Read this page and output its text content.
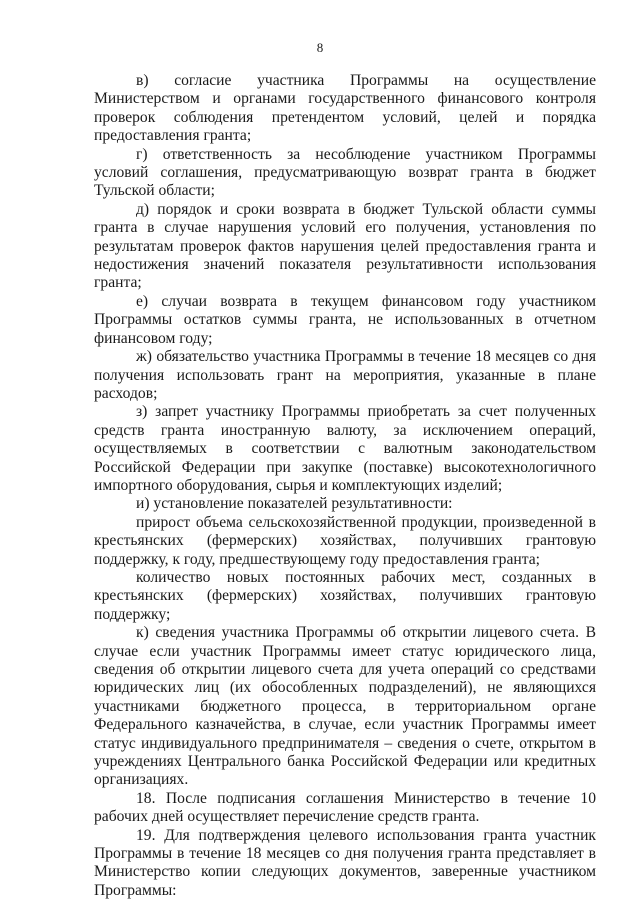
8

в) согласие участника Программы на осуществление Министерством и органами государственного финансового контроля проверок соблюдения претендентом условий, целей и порядка предоставления гранта;

г) ответственность за несоблюдение участником Программы условий соглашения, предусматривающую возврат гранта в бюджет Тульской области;

д) порядок и сроки возврата в бюджет Тульской области суммы гранта в случае нарушения условий его получения, установления по результатам проверок фактов нарушения целей предоставления гранта и недостижения значений показателя результативности использования гранта;

е) случаи возврата в текущем финансовом году участником Программы остатков суммы гранта, не использованных в отчетном финансовом году;

ж) обязательство участника Программы в течение 18 месяцев со дня получения использовать грант на мероприятия, указанные в плане расходов;

з) запрет участнику Программы приобретать за счет полученных средств гранта иностранную валюту, за исключением операций, осуществляемых в соответствии с валютным законодательством Российской Федерации при закупке (поставке) высокотехнологичного импортного оборудования, сырья и комплектующих изделий;

и) установление показателей результативности:

прирост объема сельскохозяйственной продукции, произведенной в крестьянских (фермерских) хозяйствах, получивших грантовую поддержку, к году, предшествующему году предоставления гранта;

количество новых постоянных рабочих мест, созданных в крестьянских (фермерских) хозяйствах, получивших грантовую поддержку;

к) сведения участника Программы об открытии лицевого счета. В случае если участник Программы имеет статус юридического лица, сведения об открытии лицевого счета для учета операций со средствами юридических лиц (их обособленных подразделений), не являющихся участниками бюджетного процесса, в территориальном органе Федерального казначейства, в случае, если участник Программы имеет статус индивидуального предпринимателя – сведения о счете, открытом в учреждениях Центрального банка Российской Федерации или кредитных организациях.

18. После подписания соглашения Министерство в течение 10 рабочих дней осуществляет перечисление средств гранта.

19. Для подтверждения целевого использования гранта участник Программы в течение 18 месяцев со дня получения гранта представляет в Министерство копии следующих документов, заверенные участником Программы:
